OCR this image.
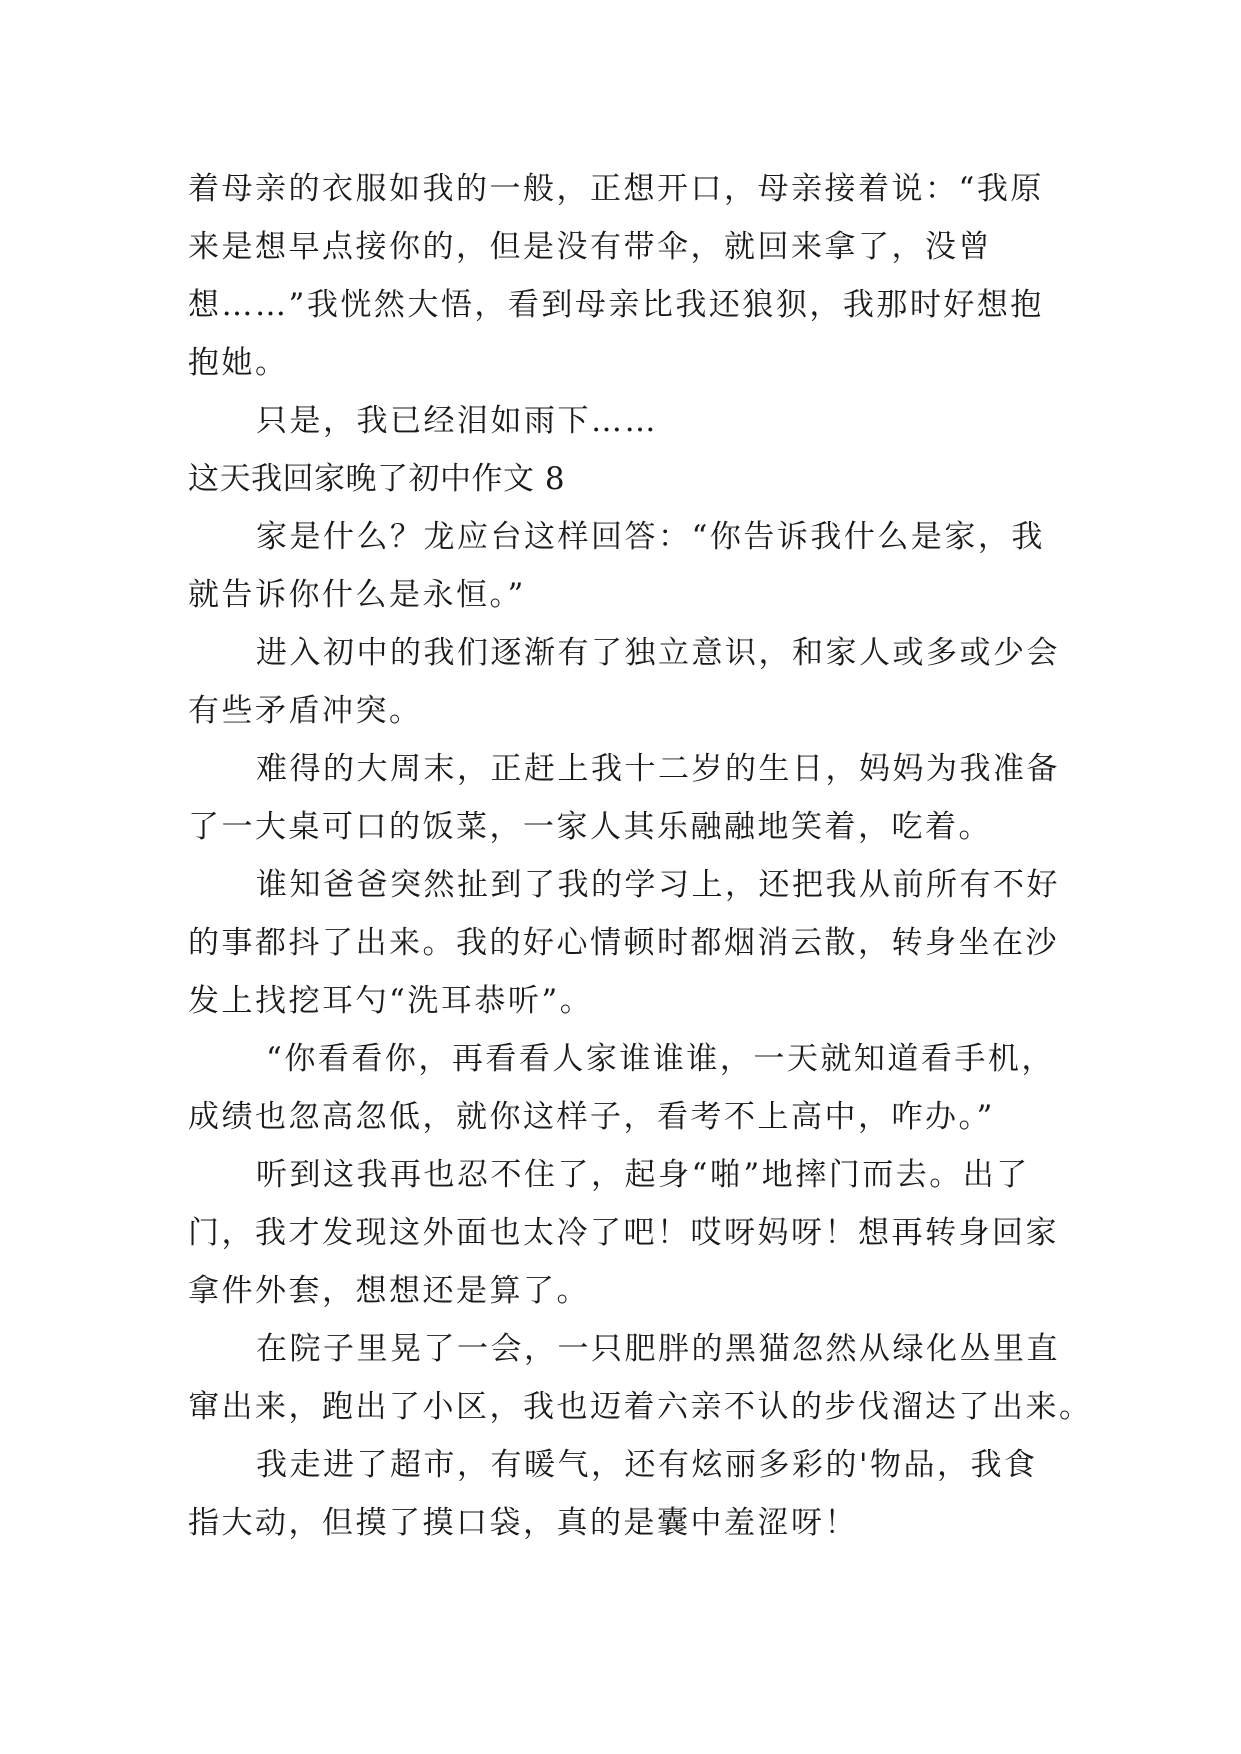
着母亲的衣服如我的一般，正想开口，母亲接着说：“我原
来是想早点接你的，但是没有带伞，就回来拿了，没曾
想……”我恍然大悟，看到母亲比我还狼狈，我那时好想抱
抱她。
只是，我已经泪如雨下……
这天我回家晚了初中作文 8
家是什么？龙应台这样回答：“你告诉我什么是家，我
就告诉你什么是永恒。”
进入初中的我们逐渐有了独立意识，和家人或多或少会
有些矛盾冲突。
难得的大周末，正赶上我十二岁的生日，妈妈为我准备
了一大桌可口的饭菜，一家人其乐融融地笑着，吃着。
谁知爸爸突然扯到了我的学习上，还把我从前所有不好
的事都抖了出来。我的好心情顿时都烟消云散，转身坐在沙
发上找挖耳勺“洗耳恭听”。
“你看看你，再看看人家谁谁谁，一天就知道看手机，
成绩也忽高忽低，就你这样子，看考不上高中，咋办。”
听到这我再也忍不住了，起身“啪”地摔门而去。出了
门，我才发现这外面也太冷了吧！哎呀妈呀！想再转身回家
拿件外套，想想还是算了。
在院子里晃了一会，一只肥胖的黑猫忽然从绿化丛里直
窜出来，跑出了小区，我也迈着六亲不认的步伐溜达了出来。
我走进了超市，有暖气，还有炫丽多彩的'物品，我食
指大动，但摸了摸口袋，真的是囊中羞涩呀！
